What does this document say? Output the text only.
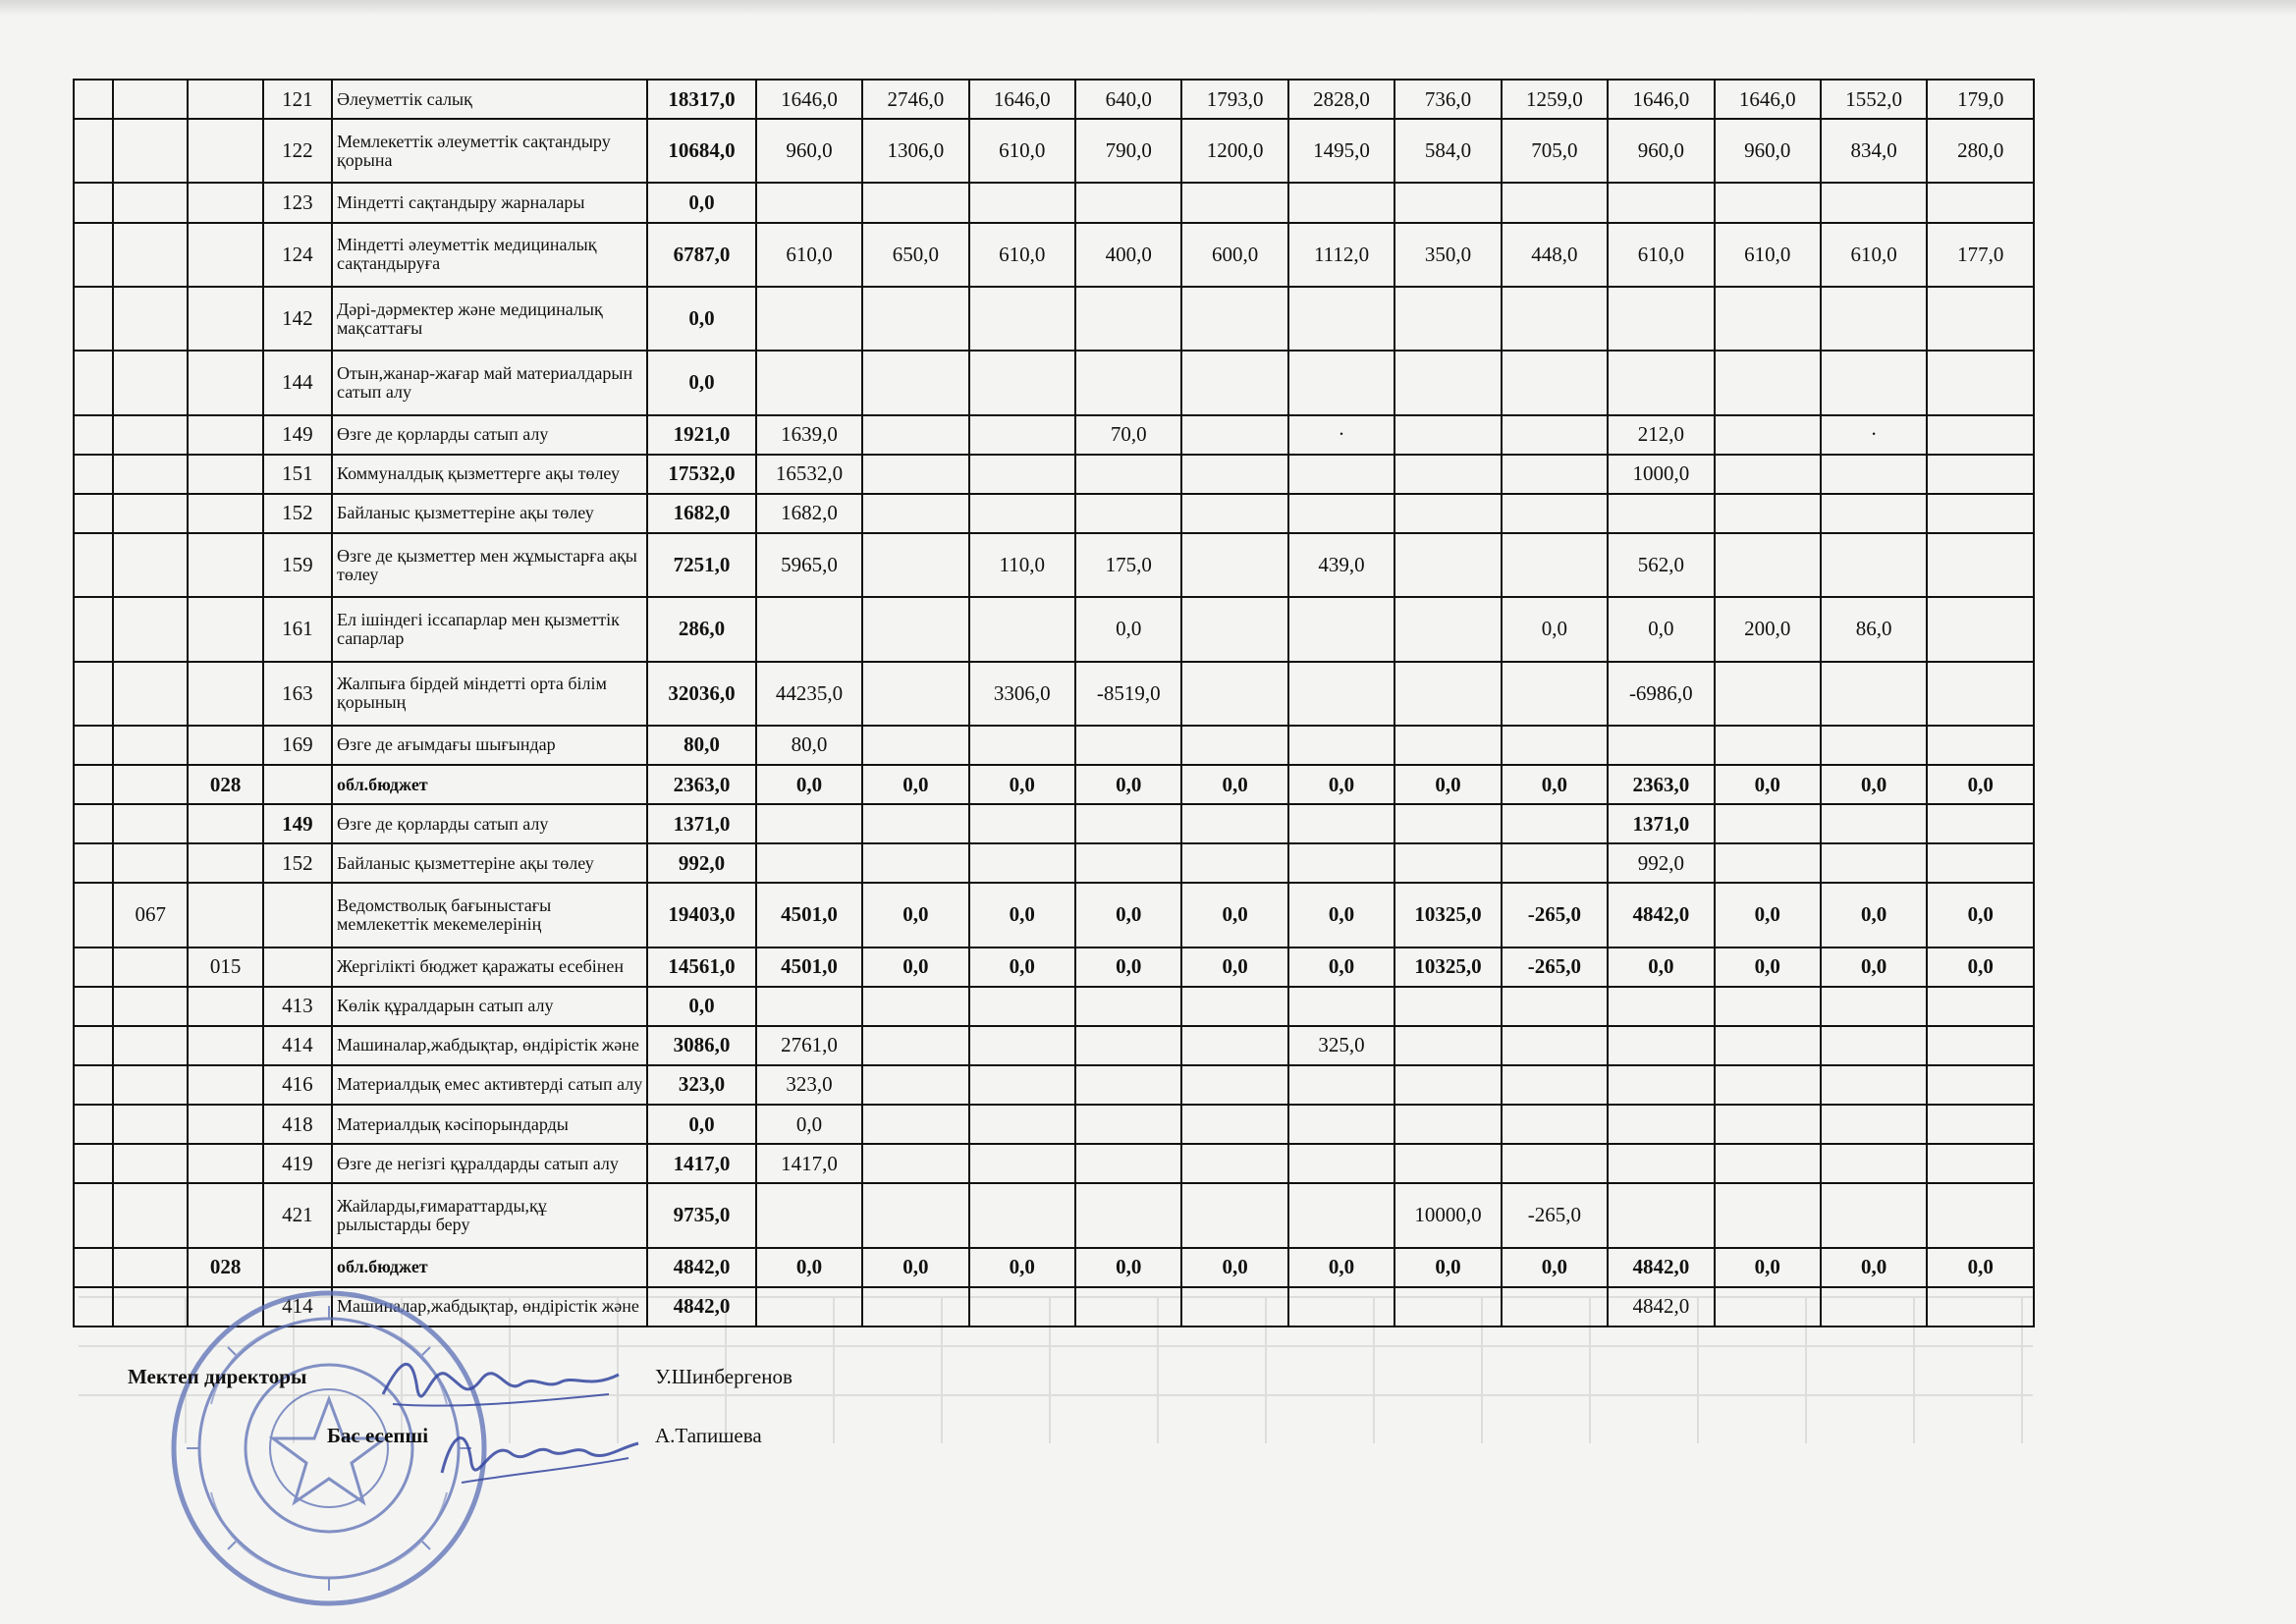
			121	Әлеуметтік салық	18317,0	1646,0	2746,0	1646,0	640,0	1793,0	2828,0	736,0	1259,0	1646,0	1646,0	1552,0	179,0
			122	Мемлекеттік әлеуметтік сақтандыру қорына	10684,0	960,0	1306,0	610,0	790,0	1200,0	1495,0	584,0	705,0	960,0	960,0	834,0	280,0
			123	Міндетті сақтандыру жарналары	0,0												
			124	Міндетті әлеуметтік медициналық сақтандыруға	6787,0	610,0	650,0	610,0	400,0	600,0	1112,0	350,0	448,0	610,0	610,0	610,0	177,0
			142	Дәрі-дәрмектер және медициналық мақсаттағы	0,0												
			144	Отын,жанар-жағар май материалдарын сатып алу	0,0												
			149	Өзге де қорларды сатып алу	1921,0	1639,0			70,0		·			212,0		·	
			151	Коммуналдық қызметтерге ақы төлеу	17532,0	16532,0								1000,0			
			152	Байланыс қызметтеріне ақы төлеу	1682,0	1682,0											
			159	Өзге де қызметтер мен жұмыстарға ақы төлеу	7251,0	5965,0		110,0	175,0		439,0			562,0			
			161	Ел ішіндегі іссапарлар мен қызметтік сапарлар	286,0				0,0				0,0	0,0	200,0	86,0	
			163	Жалпыға бірдей міндетті орта білім қорының	32036,0	44235,0		3306,0	-8519,0					-6986,0			
			169	Өзге де ағымдағы шығындар	80,0	80,0											
		028		обл.бюджет	2363,0	0,0	0,0	0,0	0,0	0,0	0,0	0,0	0,0	2363,0	0,0	0,0	0,0
			149	Өзге де қорларды сатып алу	1371,0									1371,0			
			152	Байланыс қызметтеріне ақы төлеу	992,0									992,0			
	067			Ведомстволық бағыныстағы мемлекеттік мекемелерінің	19403,0	4501,0	0,0	0,0	0,0	0,0	0,0	10325,0	-265,0	4842,0	0,0	0,0	0,0
		015		Жергілікті бюджет қаражаты есебінен	14561,0	4501,0	0,0	0,0	0,0	0,0	0,0	10325,0	-265,0	0,0	0,0	0,0	0,0
			413	Көлік құралдарын сатып алу	0,0												
			414	Машиналар,жабдықтар, өндірістік және	3086,0	2761,0					325,0						
			416	Материалдық емес активтерді сатып алу	323,0	323,0											
			418	Материалдық кәсіпорындарды	0,0	0,0											
			419	Өзге де негізгі құралдарды сатып алу	1417,0	1417,0											
			421	Жайларды,ғимараттарды,құ рылыстарды беру	9735,0							10000,0	-265,0				
		028		обл.бюджет	4842,0	0,0	0,0	0,0	0,0	0,0	0,0	0,0	0,0	4842,0	0,0	0,0	0,0
			414	Машиналар,жабдықтар, өндірістік және	4842,0									4842,0			
Мектеп директоры	У.Шинбергенов
Бас есепші	А.Тапишева
